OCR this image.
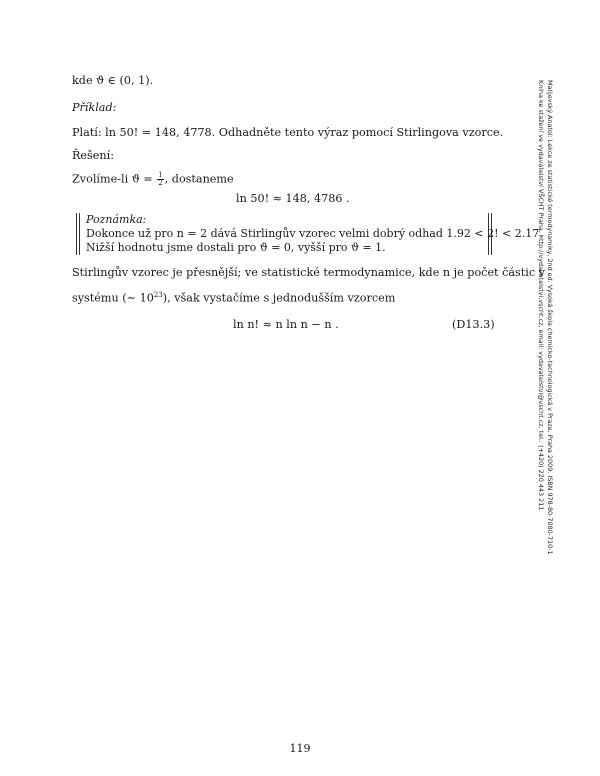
kde ϑ ∈ (0, 1).
Příklad:
Platí: ln 50! = 148, 4778. Odhadněte tento výraz pomocí Stirlingova vzorce.
Řešení:
Zvolíme-li $ϑ = \frac{1}{2}$ , dostaneme
ln 50! ≈ 148, 4786 .
Poznámka:
Dokonce už pro n = 2 dává Stirlingův vzorec velmi dobrý odhad 1.92 < 2! < 2.17.
Nižší hodnotu jsme dostali pro ϑ = 0, vyšší pro ϑ = 1.
Stirlingův vzorec je přesnější; ve statistické termodynamice, kde n je počet částic v
systému (∼ $10^{23}$), však vystačíme s jednodušším vzorcem
ln n! ≈ n ln n − n .	(D13.3)	Malijevský Anatol: Lekce ze statistické termodynamiky, 2nd ed. Vysoká škola chemicko-technologická v Praze, Praha 2009. ISBN 978-80-7080-710-1
Kniha ke stažení ve vydavatelství VŠCHT Praha, http://vydavatelstvi.vscht.cz, email: vydavatelstvi@vscht.cz, tel.: (+420) 220 443 211
119
